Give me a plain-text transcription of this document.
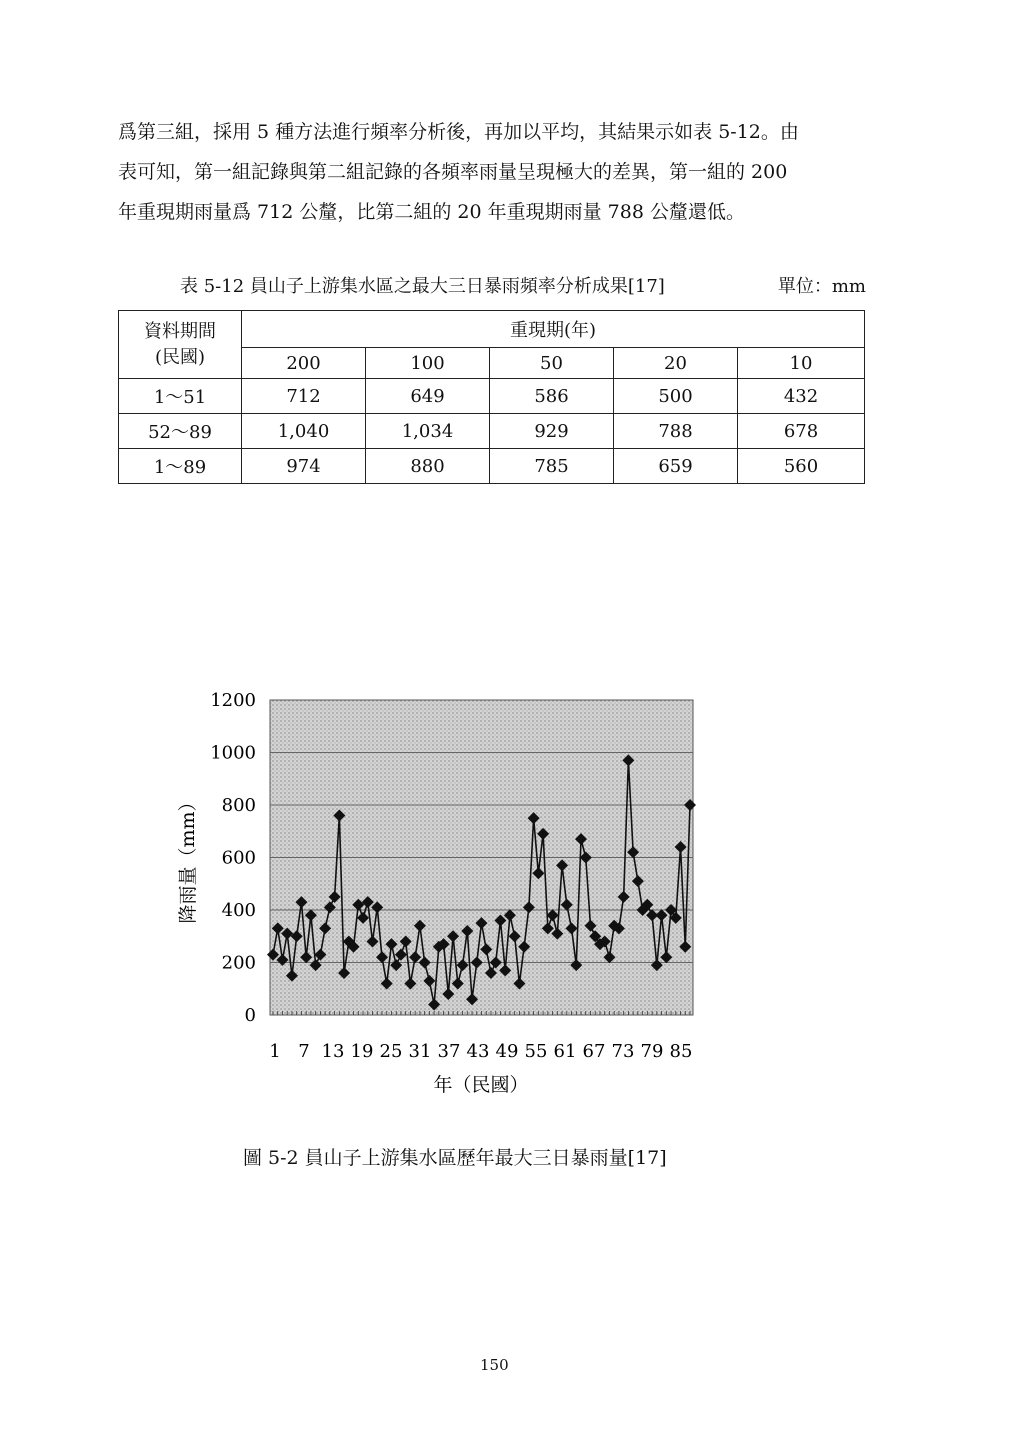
爲第三組，採用 5 種方法進行頻率分析後，再加以平均，其結果示如表 5-12。由
表可知，第一組記錄與第二組記錄的各頻率雨量呈現極大的差異，第一組的 200
年重現期雨量爲 712 公釐，比第二組的 20 年重現期雨量 788 公釐還低。

表 5-12 員山子上游集水區之最大三日暴雨頻率分析成果[17]	單位：mm
資料期間
(民國)	重現期(年)				
	200	100	50	20	10
1～51	712	649	586	500	432
52～89	1,040	1,034	929	788	678
1～89	974	880	785	659	560
0
200
400
600
800
1000
1200
1 7 13 19 25 31 37 43 49 55 61 67 73 79 85
年（民國）
降雨量（mm）
圖 5-2 員山子上游集水區歷年最大三日暴雨量[17]
150
